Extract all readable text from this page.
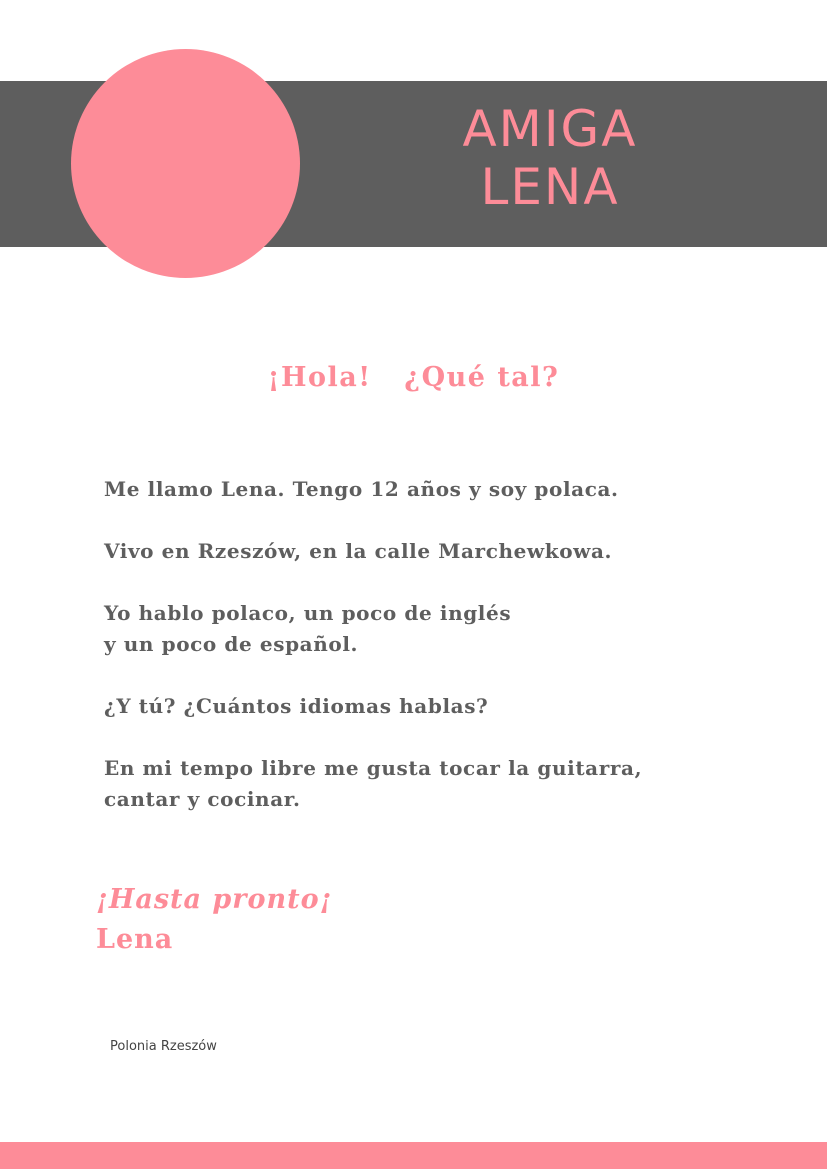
AMIGA
LENA
¡Hola!   ¿Qué tal?

Me llamo Lena. Tengo 12 años y soy polaca.

Vivo en Rzeszów, en la calle Marchewkowa.

Yo hablo polaco, un poco de inglés
y un poco de español.

¿Y tú? ¿Cuántos idiomas hablas?

En mi tempo libre me gusta tocar la guitarra,
cantar y cocinar.

¡Hasta pronto¡
Lena
Polonia Rzeszów
